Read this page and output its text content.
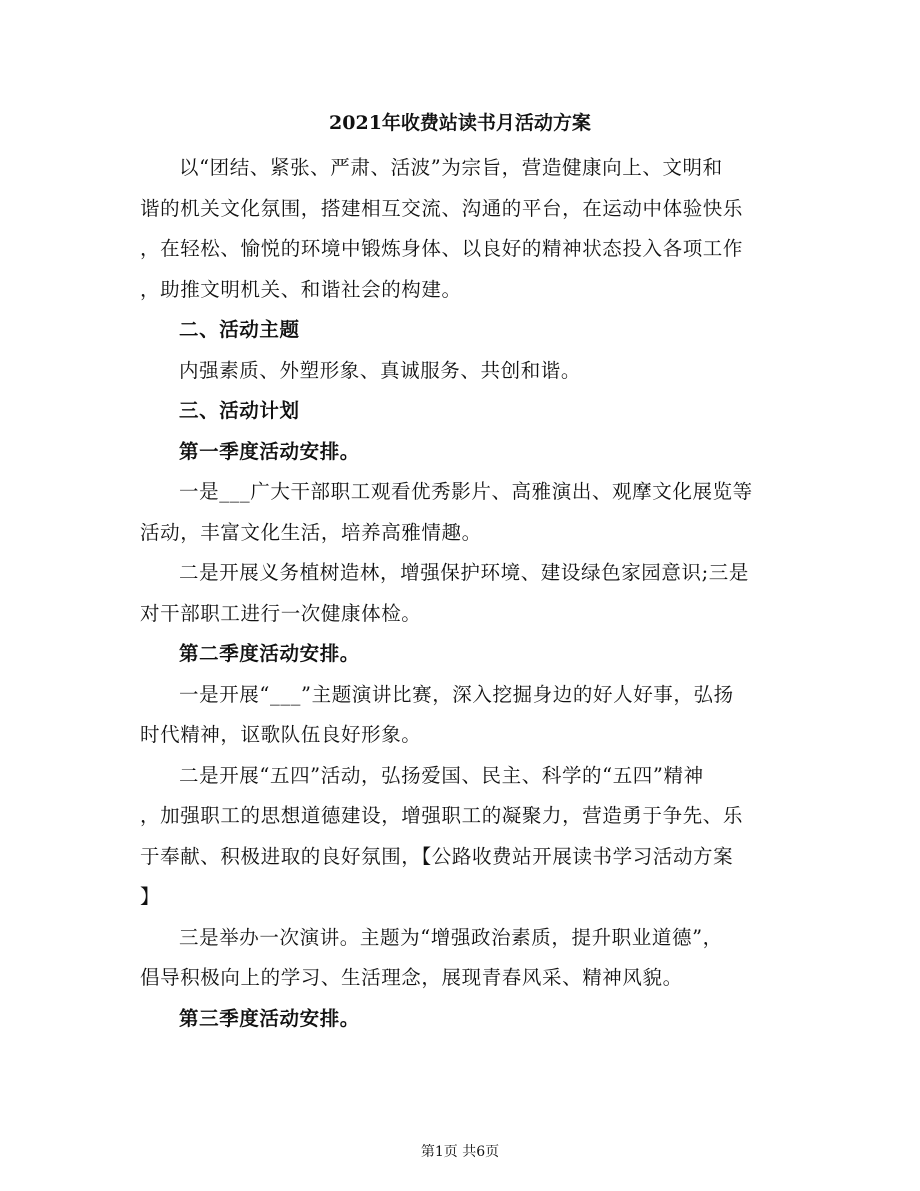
2021年收费站读书月活动方案

以“团结、紧张、严肃、活波”为宗旨，营造健康向上、文明和
谐的机关文化氛围，搭建相互交流、沟通的平台，在运动中体验快乐
，在轻松、愉悦的环境中锻炼身体、以良好的精神状态投入各项工作
，助推文明机关、和谐社会的构建。

二、活动主题

内强素质、外塑形象、真诚服务、共创和谐。

三、活动计划

第一季度活动安排。

一是___广大干部职工观看优秀影片、高雅演出、观摩文化展览等
活动，丰富文化生活，培养高雅情趣。

二是开展义务植树造林，增强保护环境、建设绿色家园意识;三是
对干部职工进行一次健康体检。

第二季度活动安排。

一是开展“___”主题演讲比赛，深入挖掘身边的好人好事，弘扬
时代精神，讴歌队伍良好形象。

二是开展“五四”活动，弘扬爱国、民主、科学的“五四”精神
，加强职工的思想道德建设，增强职工的凝聚力，营造勇于争先、乐
于奉献、积极进取的良好氛围，【公路收费站开展读书学习活动方案
】

三是举办一次演讲。主题为“增强政治素质，提升职业道德”，
倡导积极向上的学习、生活理念，展现青春风采、精神风貌。

第三季度活动安排。

第1页 共6页
